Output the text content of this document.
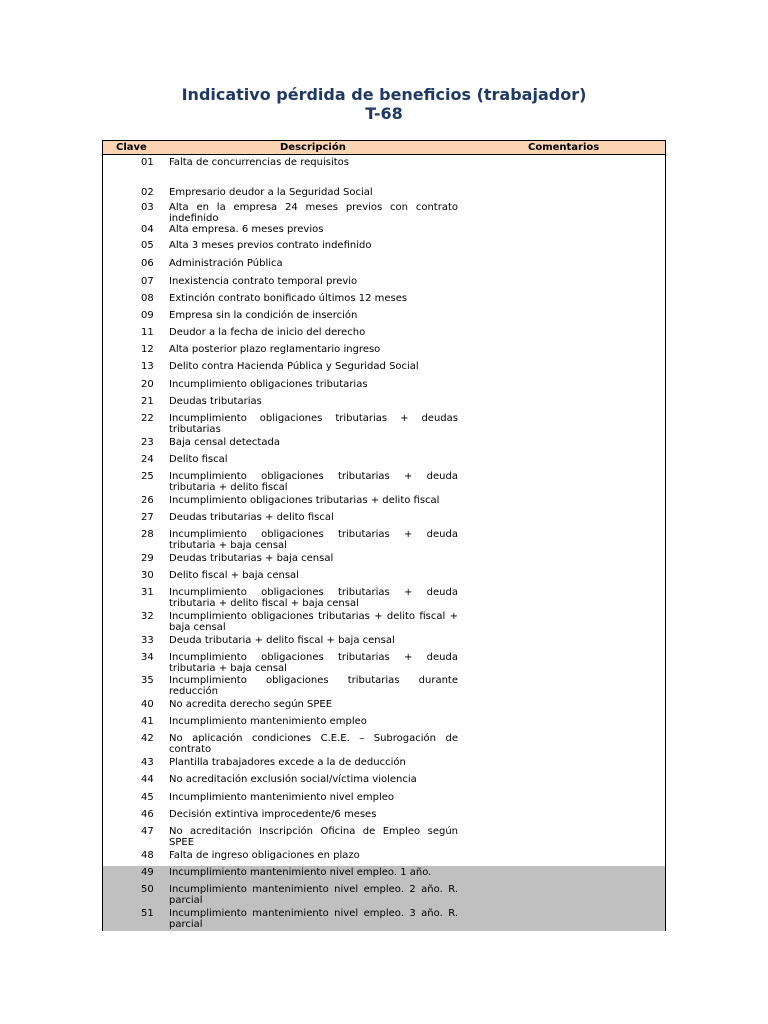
Indicativo pérdida de beneficios (trabajador)
T-68
Clave	Descripción	Comentarios
01 Falta de concurrencias de requisitos
02 Empresario deudor a la Seguridad Social
03 Alta en la empresa 24 meses previos con contrato indefinido
04 Alta empresa. 6 meses previos
05 Alta 3 meses previos contrato indefinido
06 Administración Pública
07 Inexistencia contrato temporal previo
08 Extinción contrato bonificado últimos 12 meses
09 Empresa sin la condición de inserción
11 Deudor a la fecha de inicio del derecho
12 Alta posterior plazo reglamentario ingreso
13 Delito contra Hacienda Pública y Seguridad Social
20 Incumplimiento obligaciones tributarias
21 Deudas tributarias
22 Incumplimiento obligaciones tributarias + deudas tributarias
23 Baja censal detectada
24 Delito fiscal
25 Incumplimiento obligaciones tributarias + deuda tributaria + delito fiscal
26 Incumplimiento obligaciones tributarias + delito fiscal
27 Deudas tributarias + delito fiscal
28 Incumplimiento obligaciones tributarias + deuda tributaria + baja censal
29 Deudas tributarias + baja censal
30 Delito fiscal + baja censal
31 Incumplimiento obligaciones tributarias + deuda tributaria + delito fiscal + baja censal
32 Incumplimiento obligaciones tributarias + delito fiscal + baja censal
33 Deuda tributaria + delito fiscal + baja censal
34 Incumplimiento obligaciones tributarias + deuda tributaria + baja censal
35 Incumplimiento obligaciones tributarias durante reducción
40 No acredita derecho según SPEE
41 Incumplimiento mantenimiento empleo
42 No aplicación condiciones C.E.E. – Subrogación de contrato
43 Plantilla trabajadores excede a la de deducción
44 No acreditación exclusión social/víctima violencia
45 Incumplimiento mantenimiento nivel empleo
46 Decisión extintiva improcedente/6 meses
47 No acreditación Inscripción Oficina de Empleo según SPEE
48 Falta de ingreso obligaciones en plazo
49 Incumplimiento mantenimiento nivel empleo. 1 año.
50 Incumplimiento mantenimiento nivel empleo. 2 año. R. parcial
51 Incumplimiento mantenimiento nivel empleo. 3 año. R. parcial
